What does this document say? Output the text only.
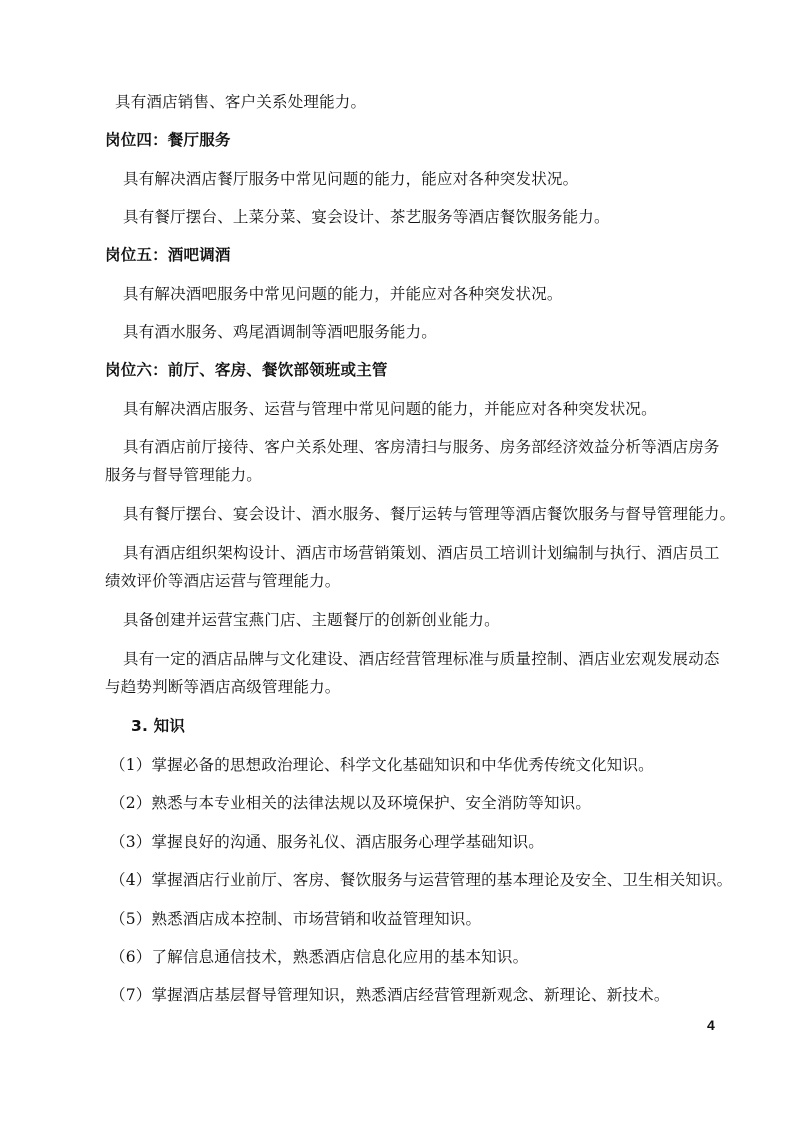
具有酒店销售、客户关系处理能力。
岗位四：餐厅服务
具有解决酒店餐厅服务中常见问题的能力，能应对各种突发状况。
具有餐厅摆台、上菜分菜、宴会设计、茶艺服务等酒店餐饮服务能力。
岗位五：酒吧调酒
具有解决酒吧服务中常见问题的能力，并能应对各种突发状况。
具有酒水服务、鸡尾酒调制等酒吧服务能力。
岗位六：前厅、客房、餐饮部领班或主管
具有解决酒店服务、运营与管理中常见问题的能力，并能应对各种突发状况。
具有酒店前厅接待、客户关系处理、客房清扫与服务、房务部经济效益分析等酒店房务
服务与督导管理能力。
具有餐厅摆台、宴会设计、酒水服务、餐厅运转与管理等酒店餐饮服务与督导管理能力。
具有酒店组织架构设计、酒店市场营销策划、酒店员工培训计划编制与执行、酒店员工
绩效评价等酒店运营与管理能力。
具备创建并运营宝燕门店、主题餐厅的创新创业能力。
具有一定的酒店品牌与文化建设、酒店经营管理标准与质量控制、酒店业宏观发展动态
与趋势判断等酒店高级管理能力。
3. 知识
（1）掌握必备的思想政治理论、科学文化基础知识和中华优秀传统文化知识。
（2）熟悉与本专业相关的法律法规以及环境保护、安全消防等知识。
（3）掌握良好的沟通、服务礼仪、酒店服务心理学基础知识。
（4）掌握酒店行业前厅、客房、餐饮服务与运营管理的基本理论及安全、卫生相关知识。
（5）熟悉酒店成本控制、市场营销和收益管理知识。
（6）了解信息通信技术，熟悉酒店信息化应用的基本知识。
（7）掌握酒店基层督导管理知识，熟悉酒店经营管理新观念、新理论、新技术。
4
